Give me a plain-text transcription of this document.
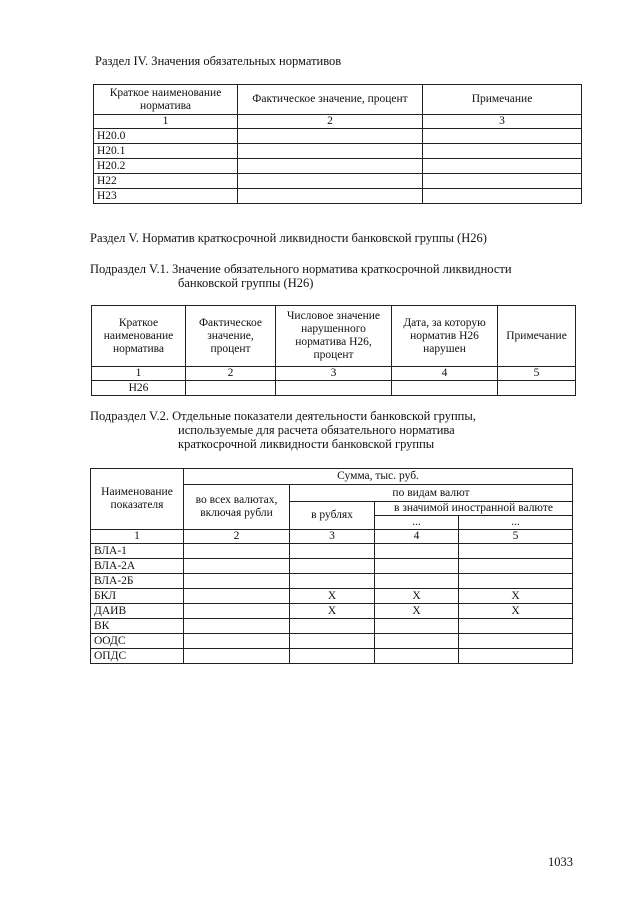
Раздел IV. Значения обязательных нормативов
Краткое наименование норматива	Фактическое значение, процент	Примечание
1	2	3
Н20.0		
Н20.1		
Н20.2		
Н22		
Н23		
Раздел V. Норматив краткосрочной ликвидности банковской группы (Н26)
Подраздел V.1. Значение обязательного норматива краткосрочной ликвидности
банковской группы (Н26)
Краткое наименование норматива	Фактическое значение, процент	Числовое значение нарушенного норматива Н26, процент	Дата, за которую норматив Н26 нарушен	Примечание
1	2	3	4	5
Н26				
Подраздел V.2. Отдельные показатели деятельности банковской группы,
используемые для расчета обязательного норматива
краткосрочной ликвидности банковской группы
Наименование показателя	Сумма, тыс. руб.			
	во всех валютах, включая рубли	по видам валют		
		в рублях	в значимой иностранной валюте	
			...	...
1	2	3	4	5
ВЛА-1				
ВЛА-2А				
ВЛА-2Б				
БКЛ		X	X	X
ДАИВ		X	X	X
ВК				
ООДС				
ОПДС				
1033
